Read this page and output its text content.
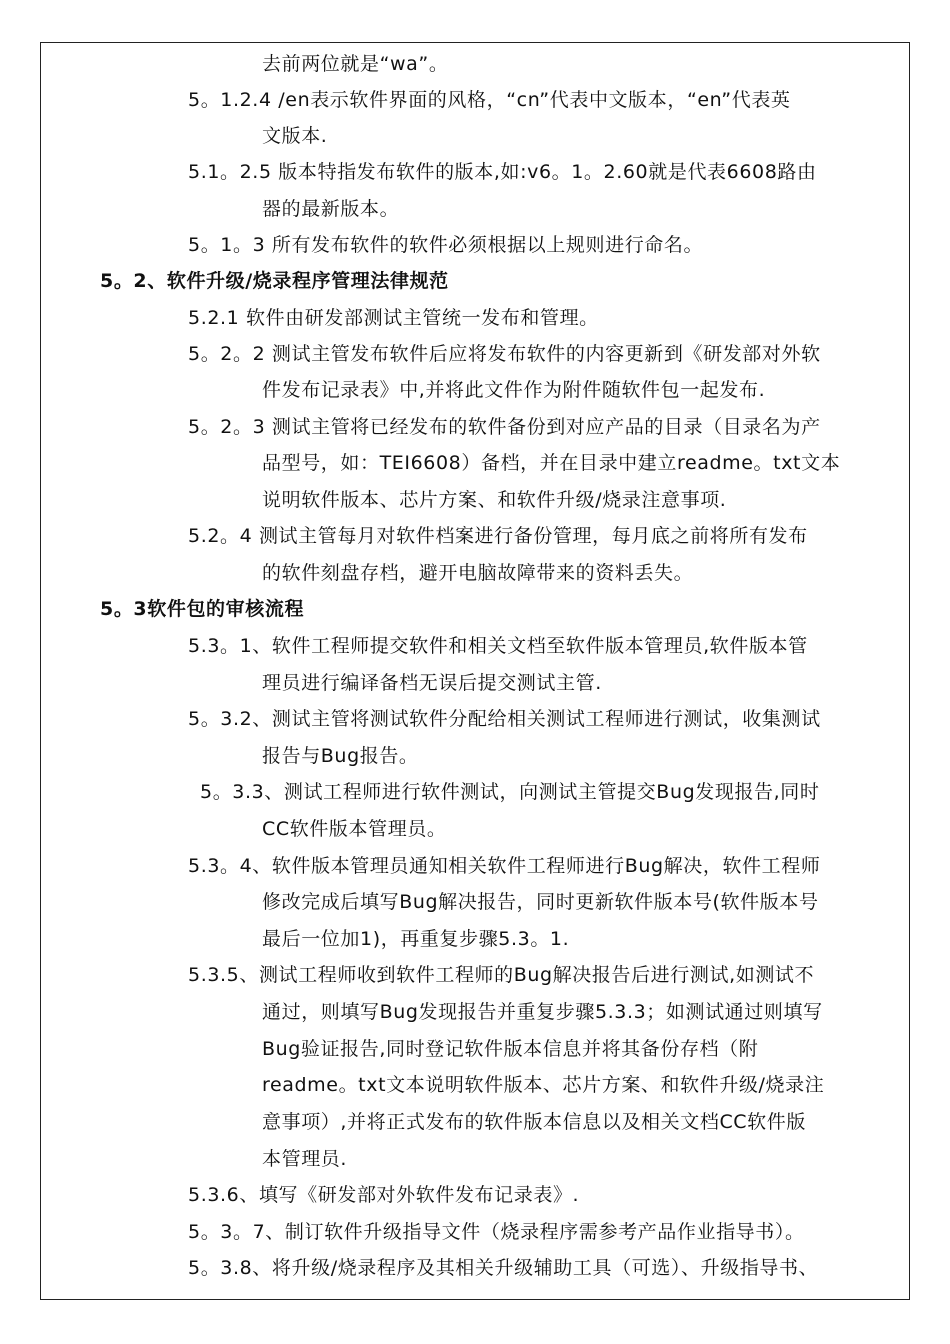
去前两位就是“wa”。
5。1.2.4 /en表示软件界面的风格，“cn”代表中文版本，“en”代表英
文版本.
5.1。2.5 版本特指发布软件的版本,如:v6。1。2.60就是代表6608路由
器的最新版本。
5。1。3 所有发布软件的软件必须根据以上规则进行命名。
5。2、软件升级/烧录程序管理法律规范
5.2.1 软件由研发部测试主管统一发布和管理。
5。2。2 测试主管发布软件后应将发布软件的内容更新到《研发部对外软
件发布记录表》中,并将此文件作为附件随软件包一起发布.
5。2。3 测试主管将已经发布的软件备份到对应产品的目录（目录名为产
品型号，如：TEI6608）备档，并在目录中建立readme。txt文本
说明软件版本、芯片方案、和软件升级/烧录注意事项.
5.2。4 测试主管每月对软件档案进行备份管理，每月底之前将所有发布
的软件刻盘存档，避开电脑故障带来的资料丢失。
5。3软件包的审核流程
5.3。1、软件工程师提交软件和相关文档至软件版本管理员,软件版本管
理员进行编译备档无误后提交测试主管.
5。3.2、测试主管将测试软件分配给相关测试工程师进行测试，收集测试
报告与Bug报告。
5。3.3、测试工程师进行软件测试，向测试主管提交Bug发现报告,同时
CC软件版本管理员。
5.3。4、软件版本管理员通知相关软件工程师进行Bug解决，软件工程师
修改完成后填写Bug解决报告，同时更新软件版本号(软件版本号
最后一位加1)，再重复步骤5.3。1.
5.3.5、测试工程师收到软件工程师的Bug解决报告后进行测试,如测试不
通过，则填写Bug发现报告并重复步骤5.3.3；如测试通过则填写
Bug验证报告,同时登记软件版本信息并将其备份存档（附
readme。txt文本说明软件版本、芯片方案、和软件升级/烧录注
意事项）,并将正式发布的软件版本信息以及相关文档CC软件版
本管理员.
5.3.6、填写《研发部对外软件发布记录表》.
5。3。7、制订软件升级指导文件（烧录程序需参考产品作业指导书）。
5。3.8、将升级/烧录程序及其相关升级辅助工具（可选）、升级指导书、
